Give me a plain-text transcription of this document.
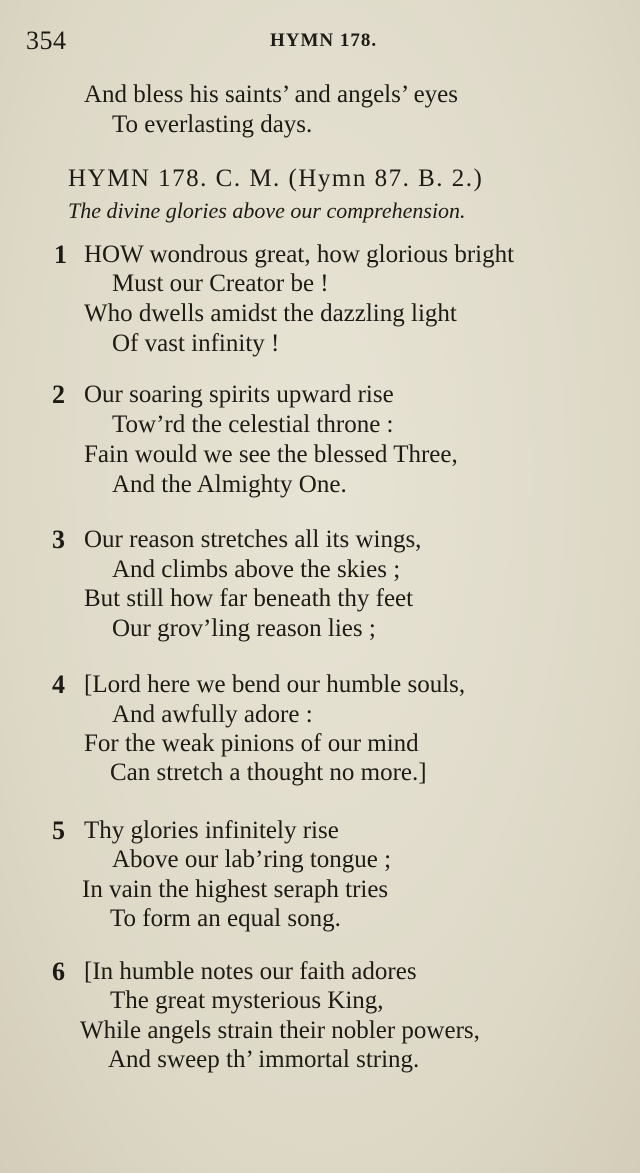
354	HYMN 178.
And bless his saints’ and angels’ eyes
To everlasting days.
HYMN 178. C. M. (Hymn 87. B. 2.)
The divine glories above our comprehension.
1 HOW wondrous great, how glorious bright
Must our Creator be !
Who dwells amidst the dazzling light
Of vast infinity !
2 Our soaring spirits upward rise
Tow’rd the celestial throne :
Fain would we see the blessed Three,
And the Almighty One.
3 Our reason stretches all its wings,
And climbs above the skies ;
But still how far beneath thy feet
Our grov’ling reason lies ;
4 [Lord here we bend our humble souls,
And awfully adore :
For the weak pinions of our mind
Can stretch a thought no more.]
5 Thy glories infinitely rise
Above our lab’ring tongue ;
In vain the highest seraph tries
To form an equal song.
6 [In humble notes our faith adores
The great mysterious King,
While angels strain their nobler powers,
And sweep th’ immortal string.
